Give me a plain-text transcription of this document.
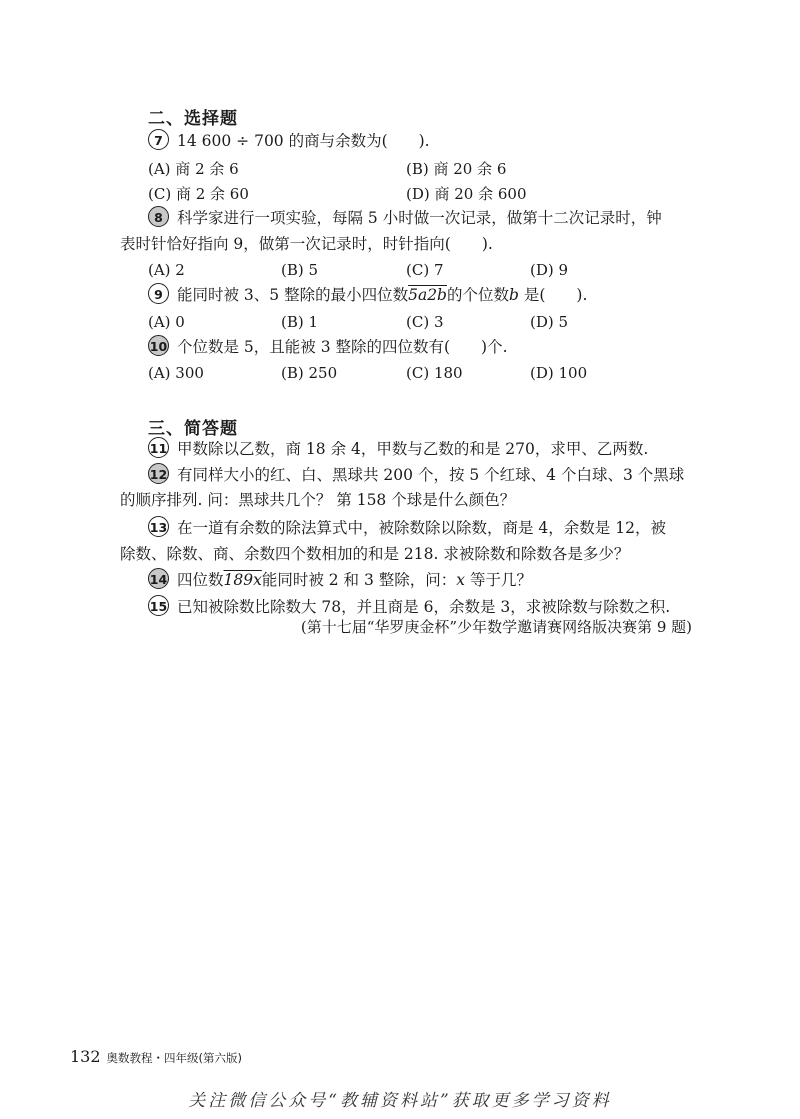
二、选择题
7 14 600 ÷ 700 的商与余数为(　　).
(A) 商 2 余 6	(B) 商 20 余 6
(C) 商 2 余 60	(D) 商 20 余 600
8 科学家进行一项实验，每隔 5 小时做一次记录，做第十二次记录时，钟
表时针恰好指向 9，做第一次记录时，时针指向(　　).
(A) 2	(B) 5	(C) 7	(D) 9
9 能同时被 3、5 整除的最小四位数5a2b的个位数b 是(　　).
(A) 0	(B) 1	(C) 3	(D) 5
10 个位数是 5，且能被 3 整除的四位数有(　　)个.
(A) 300	(B) 250	(C) 180	(D) 100
三、简答题
11 甲数除以乙数，商 18 余 4，甲数与乙数的和是 270，求甲、乙两数.
12 有同样大小的红、白、黑球共 200 个，按 5 个红球、4 个白球、3 个黑球
的顺序排列. 问：黑球共几个？ 第 158 个球是什么颜色？
13 在一道有余数的除法算式中，被除数除以除数，商是 4，余数是 12，被
除数、除数、商、余数四个数相加的和是 218. 求被除数和除数各是多少？
14 四位数189x能同时被 2 和 3 整除，问：x 等于几？
15 已知被除数比除数大 78，并且商是 6，余数是 3，求被除数与除数之积.
(第十七届“华罗庚金杯”少年数学邀请赛网络版决赛第 9 题)
132 奥数教程・四年级(第六版)
关注微信公众号“教辅资料站”获取更多学习资料
